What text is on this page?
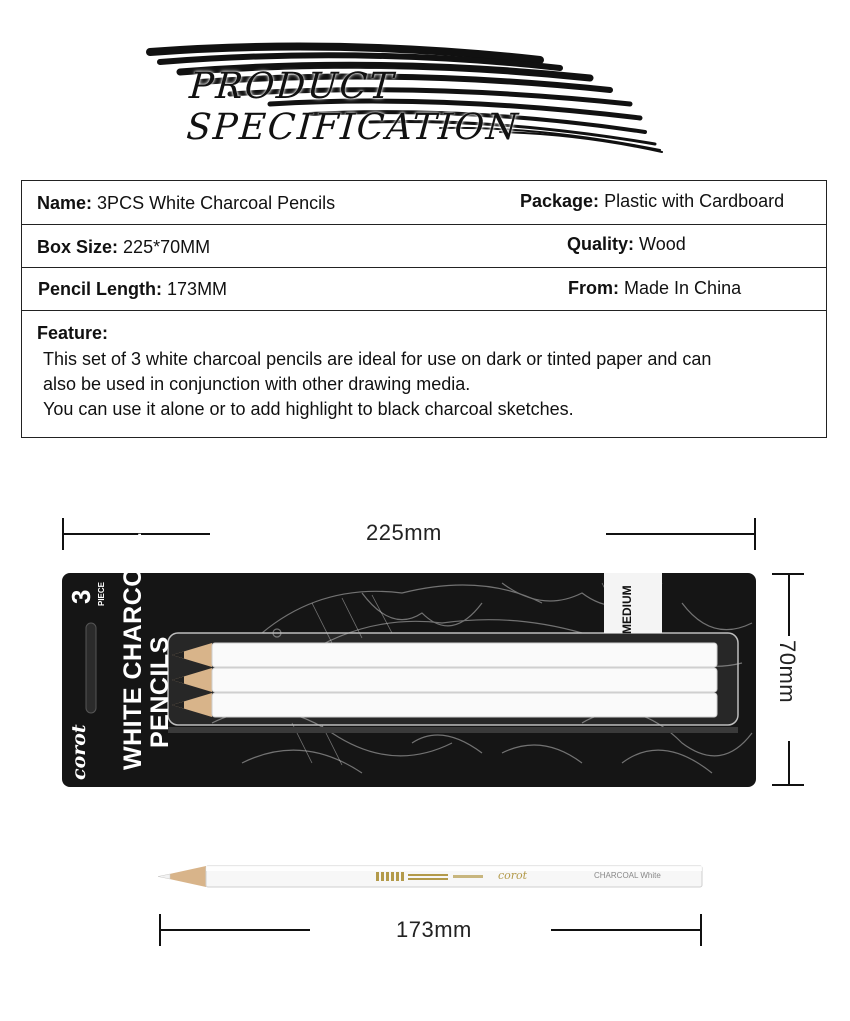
PRODUCT SPECIFICATION
Name: 3PCS White Charcoal Pencils	Package: Plastic with Cardboard
Box Size: 225*70MM	Quality: Wood
Pencil Length: 173MM	From: Made In China
Feature:

This set of 3 white charcoal pencils are ideal for use on dark or tinted paper and can

also be used in conjunction with other drawing media.

You can use it alone or to add highlight to black charcoal sketches.

225mm
70mm
3 PIECE WHITE CHARCOAL PENCILS
corot
MEDIUM
corot	CHARCOAL White
173mm
